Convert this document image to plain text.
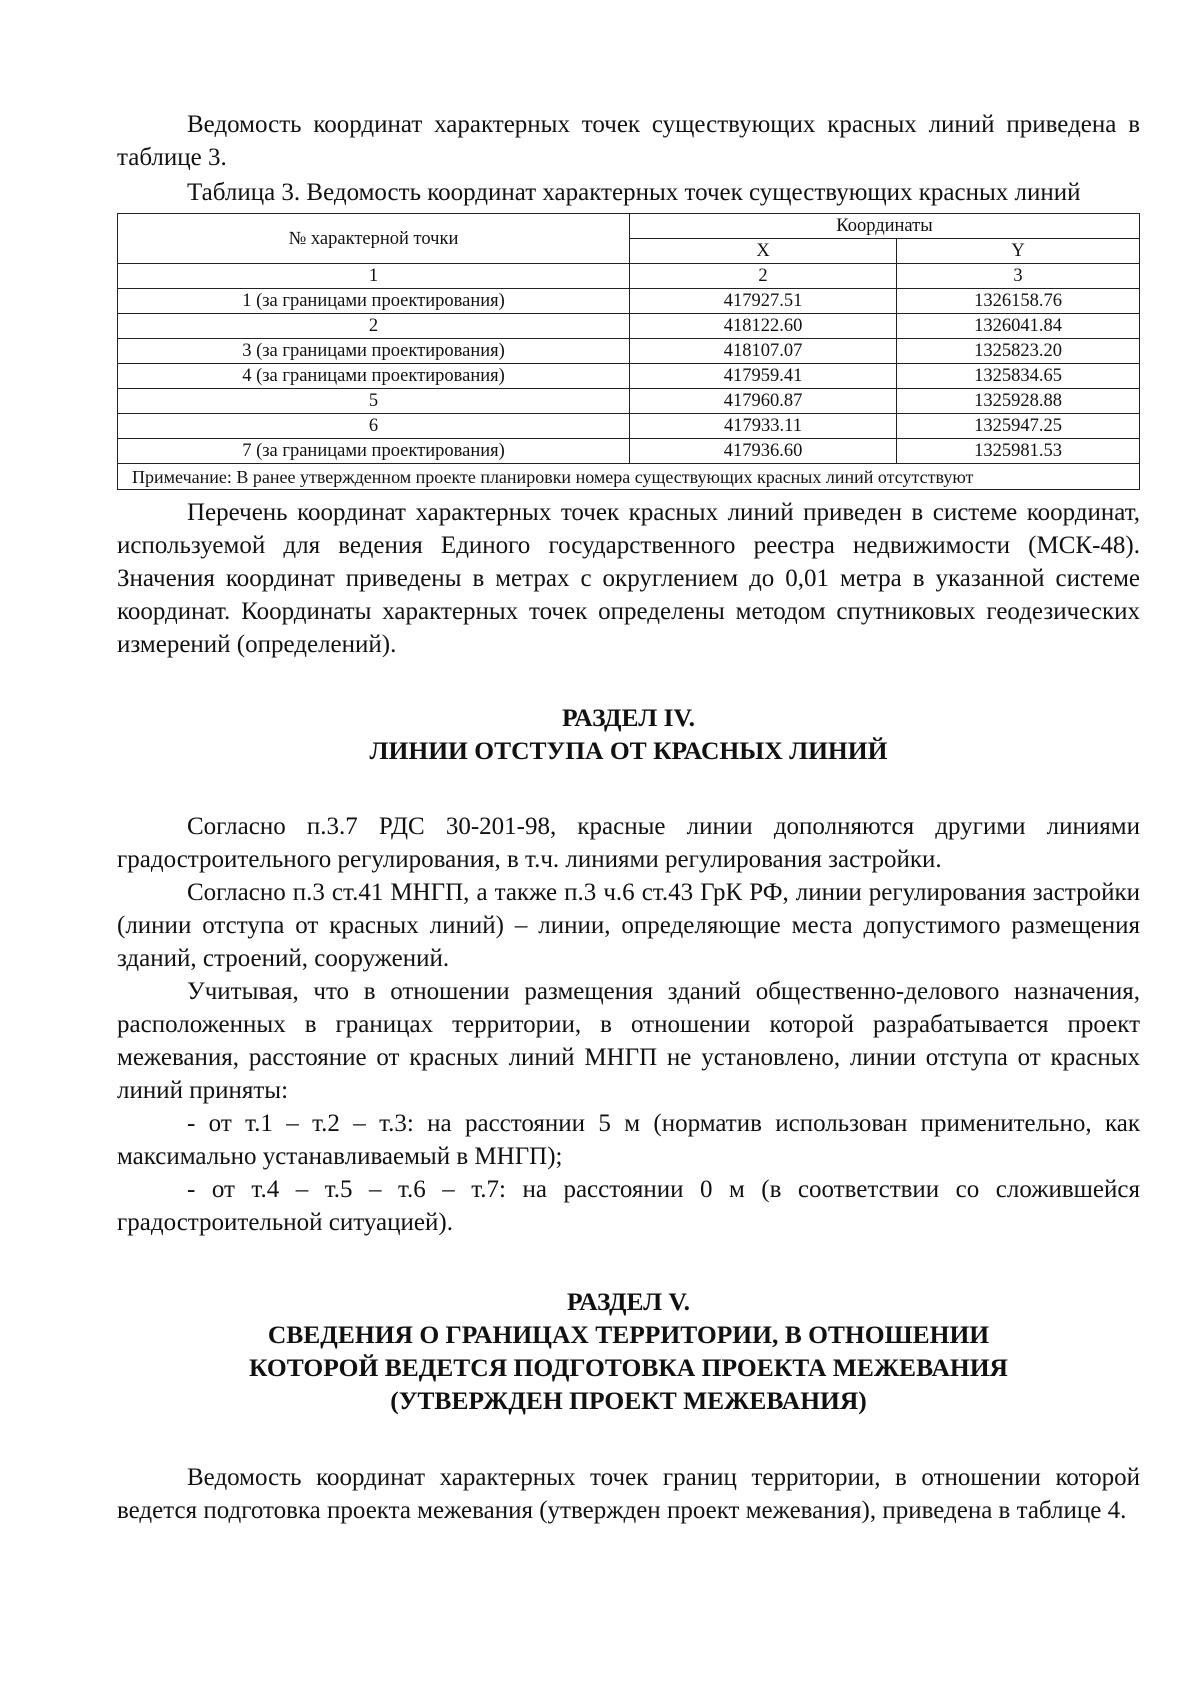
Ведомость координат характерных точек существующих красных линий приведена в таблице 3.

Таблица 3. Ведомость координат характерных точек существующих красных линий

№ характерной точки	Координаты	
	X	Y
1	2	3
1 (за границами проектирования)	417927.51	1326158.76
2	418122.60	1326041.84
3 (за границами проектирования)	418107.07	1325823.20
4 (за границами проектирования)	417959.41	1325834.65
5	417960.87	1325928.88
6	417933.11	1325947.25
7 (за границами проектирования)	417936.60	1325981.53
Примечание: В ранее утвержденном проекте планировки номера существующих красных линий отсутствуют		

Перечень координат характерных точек красных линий приведен в системе координат, используемой для ведения Единого государственного реестра недвижимости (МСК-48). Значения координат приведены в метрах с округлением до 0,01 метра в указанной системе координат. Координаты характерных точек определены методом спутниковых геодезических измерений (определений).

РАЗДЕЛ IV.
ЛИНИИ ОТСТУПА ОТ КРАСНЫХ ЛИНИЙ

Согласно п.3.7 РДС 30-201-98, красные линии дополняются другими линиями градостроительного регулирования, в т.ч. линиями регулирования застройки.

Согласно п.3 ст.41 МНГП, а также п.3 ч.6 ст.43 ГрК РФ, линии регулирования застройки (линии отступа от красных линий) – линии, определяющие места допустимого размещения зданий, строений, сооружений.

Учитывая, что в отношении размещения зданий общественно-делового назначения, расположенных в границах территории, в отношении которой разрабатывается проект межевания, расстояние от красных линий МНГП не установлено, линии отступа от красных линий приняты:

- от т.1 – т.2 – т.3: на расстоянии 5 м (норматив использован применительно, как максимально устанавливаемый в МНГП);

- от т.4 – т.5 – т.6 – т.7: на расстоянии 0 м (в соответствии со сложившейся градостроительной ситуацией).

РАЗДЕЛ V.
СВЕДЕНИЯ О ГРАНИЦАХ ТЕРРИТОРИИ, В ОТНОШЕНИИ
КОТОРОЙ ВЕДЕТСЯ ПОДГОТОВКА ПРОЕКТА МЕЖЕВАНИЯ
(УТВЕРЖДЕН ПРОЕКТ МЕЖЕВАНИЯ)

Ведомость координат характерных точек границ территории, в отношении которой ведется подготовка проекта межевания (утвержден проект межевания), приведена в таблице 4.
